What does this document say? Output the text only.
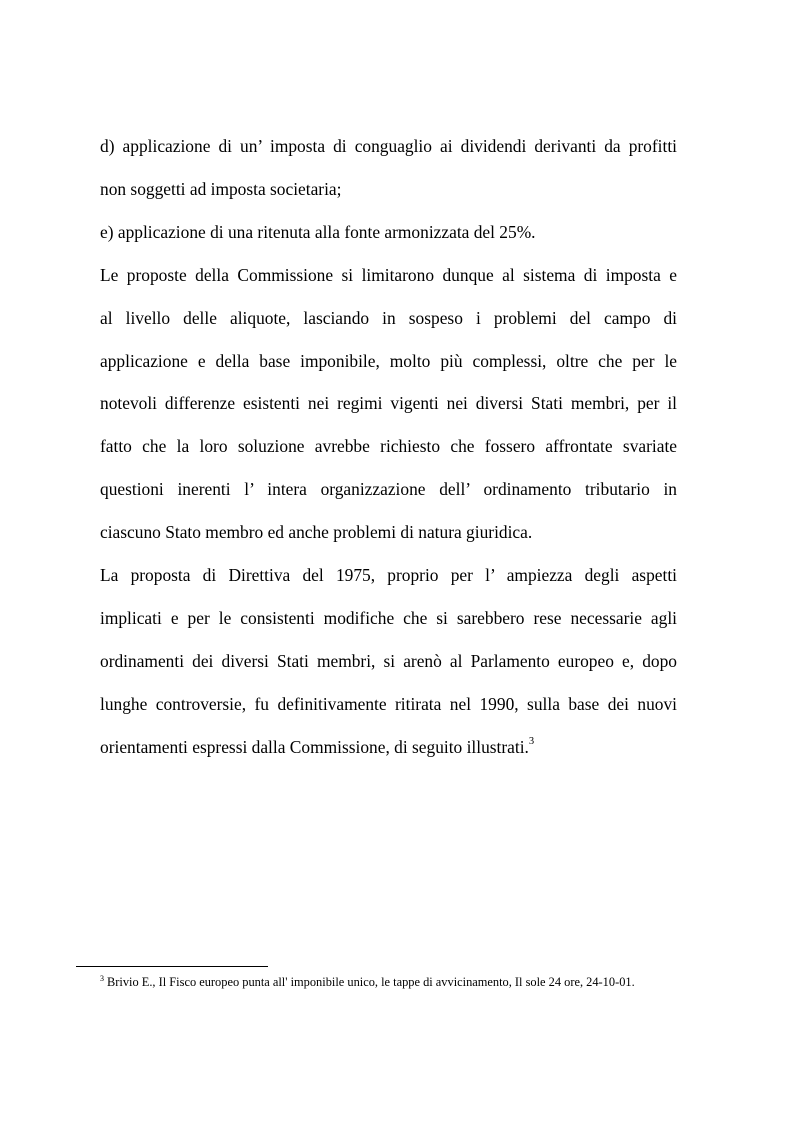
d) applicazione di un’ imposta di conguaglio ai dividendi derivanti da profitti
non soggetti ad imposta societaria;

e) applicazione di una ritenuta alla fonte armonizzata del 25%.

Le proposte della Commissione si limitarono dunque al sistema di imposta e
al livello delle aliquote, lasciando in sospeso i problemi del campo di
applicazione e della base imponibile, molto più complessi, oltre che per le
notevoli differenze esistenti nei regimi vigenti nei diversi Stati membri, per il
fatto che la loro soluzione avrebbe richiesto che fossero affrontate svariate
questioni inerenti l’ intera organizzazione dell’ ordinamento tributario in
ciascuno Stato membro ed anche problemi di natura giuridica.

La proposta di Direttiva del 1975, proprio per l’ ampiezza degli aspetti
implicati e per le consistenti modifiche che si sarebbero rese necessarie agli
ordinamenti dei diversi Stati membri, si arenò al Parlamento europeo e, dopo
lunghe controversie, fu definitivamente ritirata nel 1990, sulla base dei nuovi
orientamenti espressi dalla Commissione, di seguito illustrati.$^3$

$^3$ Brivio E., Il Fisco europeo punta all' imponibile unico, le tappe di avvicinamento, Il sole 24 ore, 24-10-01.
